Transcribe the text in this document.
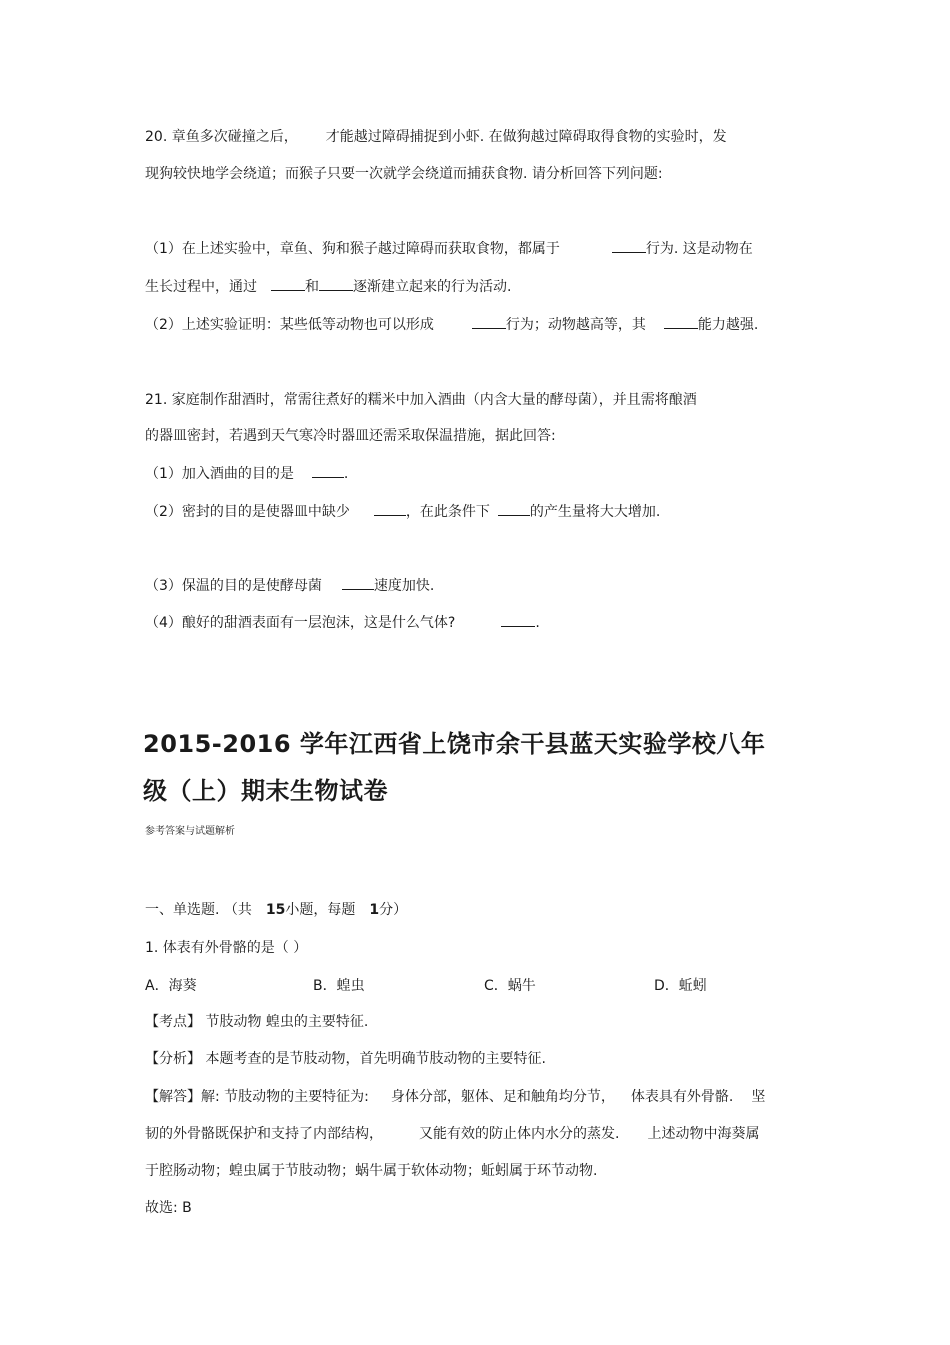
20. 章鱼多次碰撞之后， 才能越过障碍捕捉到小虾. 在做狗越过障碍取得食物的实验时，发
现狗较快地学会绕道；而猴子只要一次就学会绕道而捕获食物. 请分析回答下列问题:
（1）在上述实验中，章鱼、狗和猴子越过障碍而获取食物，都属于	行为. 这是动物在
生长过程中，通过	和 逐渐建立起来的行为活动.
（2）上述实验证明：某些低等动物也可以形成	行为；动物越高等，其	能力越强.
21. 家庭制作甜酒时，常需往煮好的糯米中加入酒曲（内含大量的酵母菌），并且需将酿酒
的器皿密封，若遇到天气寒冷时器皿还需采取保温措施，据此回答:
（1）加入酒曲的目的是	.
（2）密封的目的是使器皿中缺少	，在此条件下	的产生量将大大增加.
（3）保温的目的是使酵母菌	速度加快.
（4）酿好的甜酒表面有一层泡沫，这是什么气体?	.
2015-2016 学年江西省上饶市余干县蓝天实验学校八年
级（上）期末生物试卷
参考答案与试题解析
一、单选题. （共 15小题，每题 1分）
1. 体表有外骨骼的是（ ）
A．海葵	B．蝗虫	C．蜗牛	D．蚯蚓
【考点】 节肢动物 蝗虫的主要特征.
【分析】 本题考查的是节肢动物，首先明确节肢动物的主要特征.
【解答】解: 节肢动物的主要特征为: 身体分部，躯体、足和触角均分节， 体表具有外骨骼. 坚
韧的外骨骼既保护和支持了内部结构，	又能有效的防止体内水分的蒸发. 上述动物中海葵属
于腔肠动物；蝗虫属于节肢动物；蜗牛属于软体动物；蚯蚓属于环节动物.
故选: B
